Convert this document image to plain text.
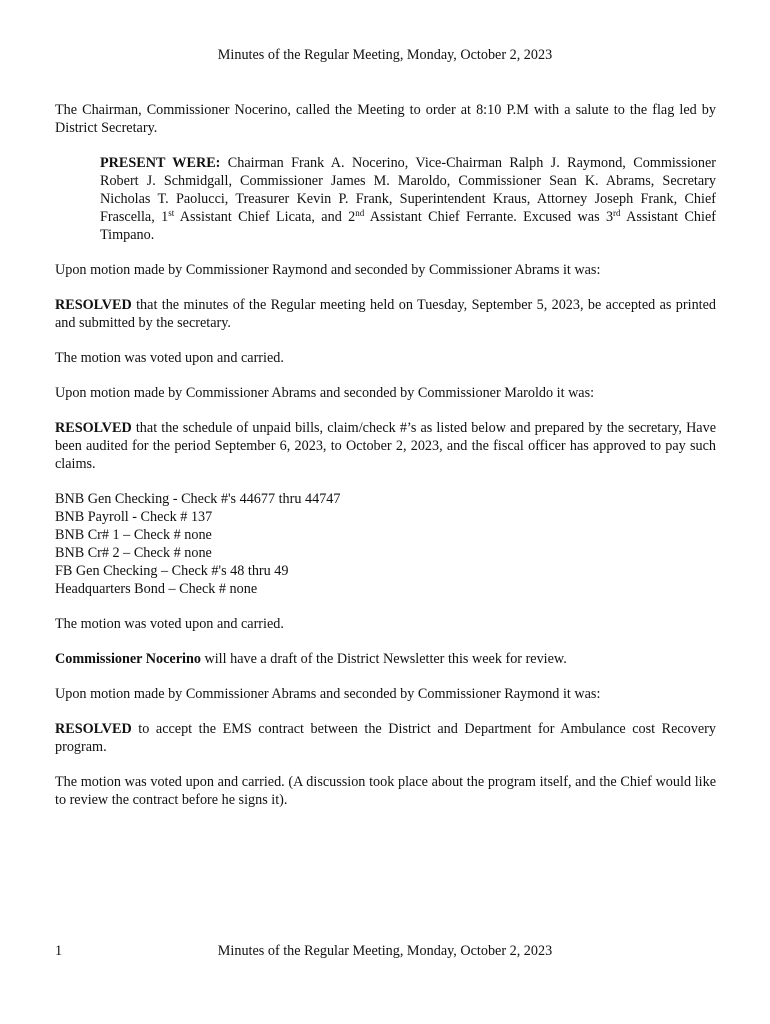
Minutes of the Regular Meeting, Monday, October 2, 2023

The Chairman, Commissioner Nocerino, called the Meeting to order at 8:10 P.M with a salute to the flag led by District Secretary.

PRESENT WERE: Chairman Frank A. Nocerino, Vice-Chairman Ralph J. Raymond, Commissioner Robert J. Schmidgall, Commissioner James M. Maroldo, Commissioner Sean K. Abrams, Secretary Nicholas T. Paolucci, Treasurer Kevin P. Frank, Superintendent Kraus, Attorney Joseph Frank, Chief Frascella, 1st Assistant Chief Licata, and 2nd Assistant Chief Ferrante. Excused was 3rd Assistant Chief Timpano.

Upon motion made by Commissioner Raymond and seconded by Commissioner Abrams it was:

RESOLVED that the minutes of the Regular meeting held on Tuesday, September 5, 2023, be accepted as printed and submitted by the secretary.

The motion was voted upon and carried.

Upon motion made by Commissioner Abrams and seconded by Commissioner Maroldo it was:

RESOLVED that the schedule of unpaid bills, claim/check #’s as listed below and prepared by the secretary, Have been audited for the period September 6, 2023, to October 2, 2023, and the fiscal officer has approved to pay such claims.

BNB Gen Checking - Check #'s 44677 thru 44747

BNB Payroll - Check # 137

BNB Cr# 1 – Check # none

BNB Cr# 2 – Check # none

FB Gen Checking – Check #'s 48 thru 49

Headquarters Bond – Check # none

The motion was voted upon and carried.

Commissioner Nocerino will have a draft of the District Newsletter this week for review.

Upon motion made by Commissioner Abrams and seconded by Commissioner Raymond it was:

RESOLVED to accept the EMS contract between the District and Department for Ambulance cost Recovery program.

The motion was voted upon and carried. (A discussion took place about the program itself, and the Chief would like to review the contract before he signs it).

1	Minutes of the Regular Meeting, Monday, October 2, 2023
